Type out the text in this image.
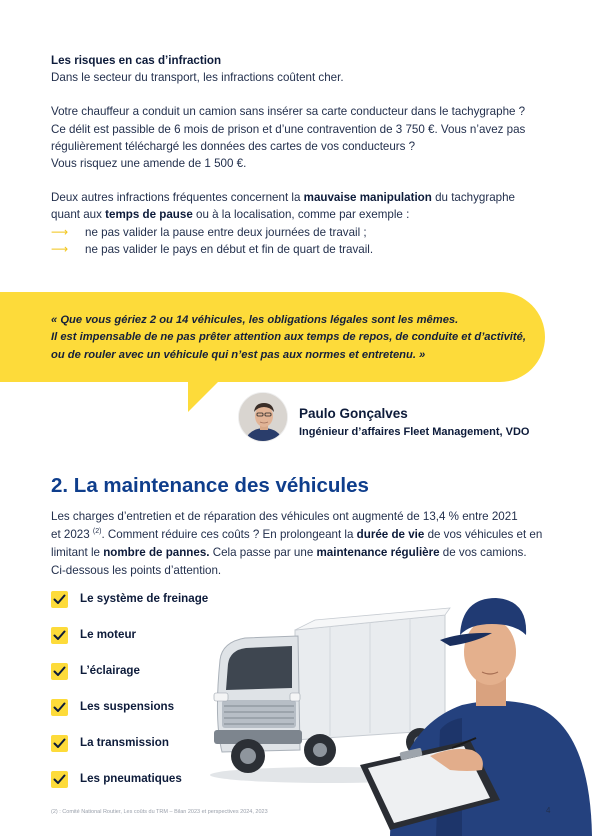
Les risques en cas d’infraction

Dans le secteur du transport, les infractions coûtent cher.

Votre chauffeur a conduit un camion sans insérer sa carte conducteur dans le tachygraphe ?

Ce délit est passible de 6 mois de prison et d’une contravention de 3 750 €. Vous n’avez pas

régulièrement téléchargé les données des cartes de vos conducteurs ?

Vous risquez une amende de 1 500 €.

Deux autres infractions fréquentes concernent la mauvaise manipulation du tachygraphe

quant aux temps de pause ou à la localisation, comme par exemple :

⟶ ne pas valider la pause entre deux journées de travail ;
⟶ ne pas valider le pays en début et fin de quart de travail.
« Que vous gériez 2 ou 14 véhicules, les obligations légales sont les mêmes.
Il est impensable de ne pas prêter attention aux temps de repos, de conduite et d’activité,
ou de rouler avec un véhicule qui n’est pas aux normes et entretenu. »
Paulo Gonçalves
Ingénieur d’affaires Fleet Management, VDO
2. La maintenance des véhicules

Les charges d’entretien et de réparation des véhicules ont augmenté de 13,4 % entre 2021

et 2023 $^{(2)}$. Comment réduire ces coûts ? En prolongeant la durée de vie de vos véhicules et en

limitant le nombre de pannes. Cela passe par une maintenance régulière de vos camions.

Ci-dessous les points d’attention.

Le système de freinage
Le moteur
L’éclairage
Les suspensions
La transmission
Les pneumatiques
(2) : Comité National Routier, Les coûts du TRM – Bilan 2023 et perspectives 2024, 2023	4
